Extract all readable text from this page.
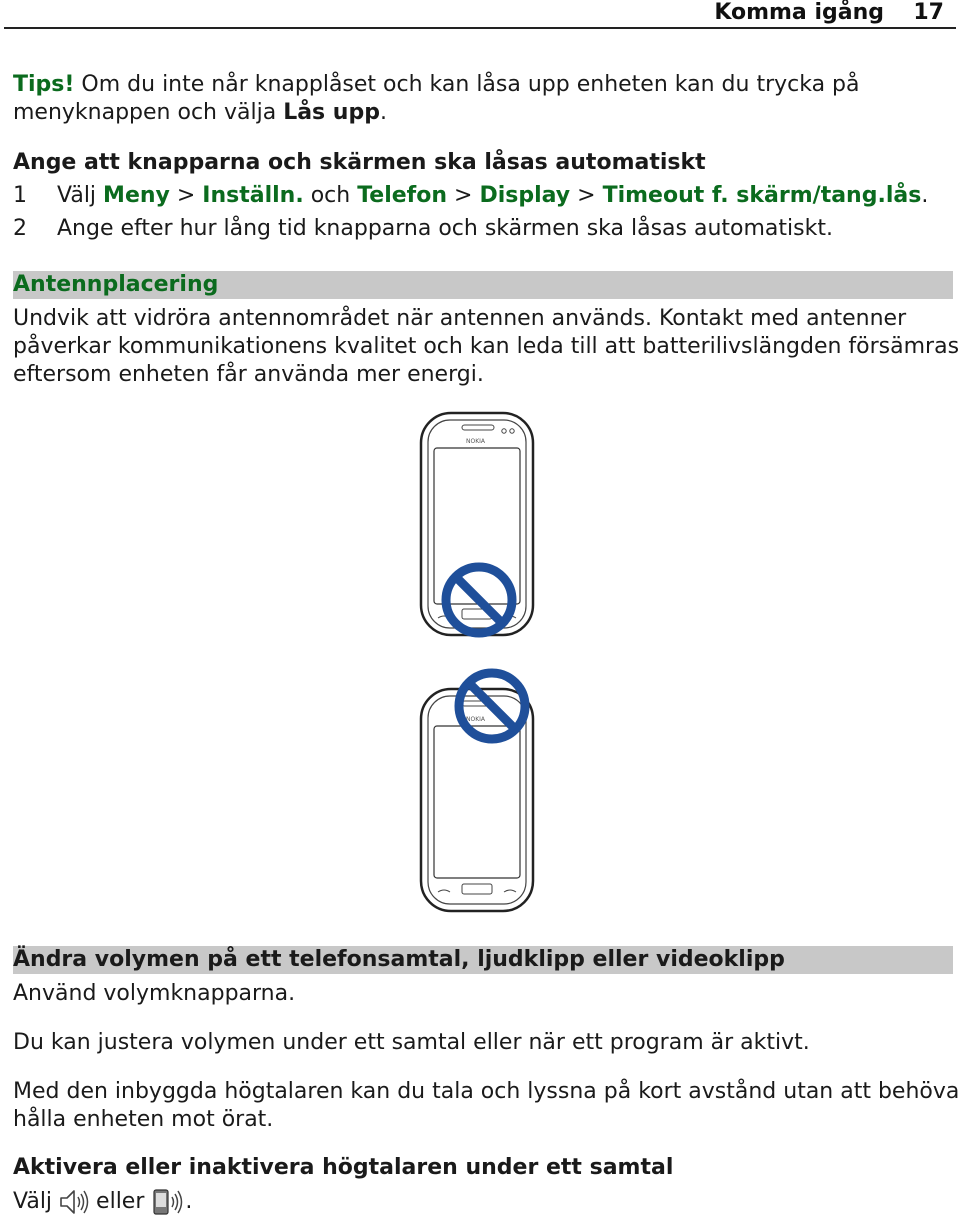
Komma igång 17
Tips! Om du inte når knapplåset och kan låsa upp enheten kan du trycka på
menyknappen och välja Lås upp.
Ange att knapparna och skärmen ska låsas automatiskt
1 Välj Meny > Inställn. och Telefon > Display > Timeout f. skärm/tang.lås.
2 Ange efter hur lång tid knapparna och skärmen ska låsas automatiskt.
Antennplacering
Undvik att vidröra antennområdet när antennen används. Kontakt med antenner
påverkar kommunikationens kvalitet och kan leda till att batterilivslängden försämras
eftersom enheten får använda mer energi.
NOKIA
NOKIA
Ändra volymen på ett telefonsamtal, ljudklipp eller videoklipp
Använd volymknapparna.
Du kan justera volymen under ett samtal eller när ett program är aktivt.
Med den inbyggda högtalaren kan du tala och lyssna på kort avstånd utan att behöva
hålla enheten mot örat.
Aktivera eller inaktivera högtalaren under ett samtal
Välj  eller .
